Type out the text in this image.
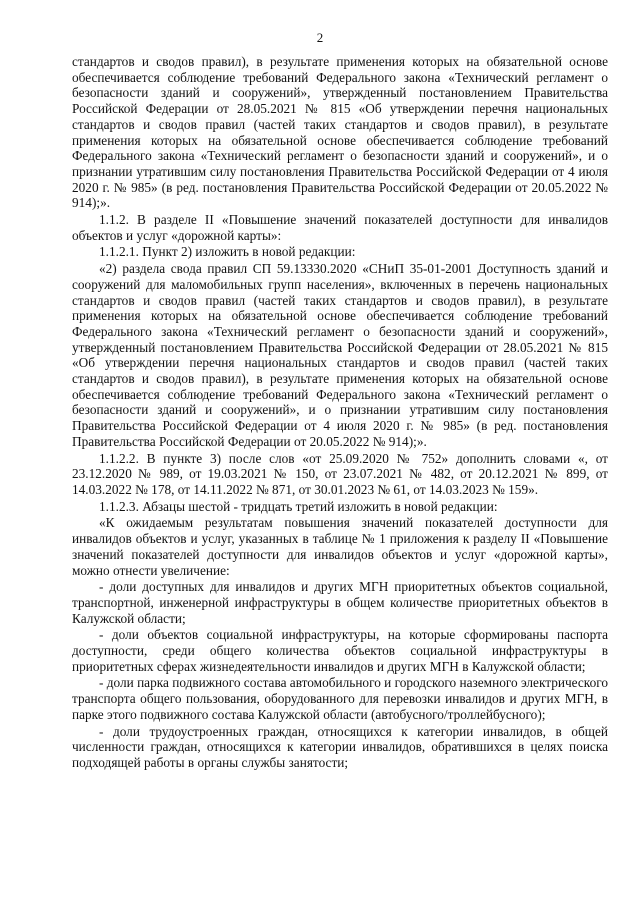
2

стандартов и сводов правил), в результате применения которых на обязательной основе обеспечивается соблюдение требований Федерального закона «Технический регламент о безопасности зданий и сооружений», утвержденный постановлением Правительства Российской Федерации от 28.05.2021 № 815 «Об утверждении перечня национальных стандартов и сводов правил (частей таких стандартов и сводов правил), в результате применения которых на обязательной основе обеспечивается соблюдение требований Федерального закона «Технический регламент о безопасности зданий и сооружений», и о признании утратившим силу постановления Правительства Российской Федерации от 4 июля 2020 г. № 985» (в ред. постановления Правительства Российской Федерации от 20.05.2022 № 914);».

1.1.2. В разделе II «Повышение значений показателей доступности для инвалидов объектов и услуг «дорожной карты»:

1.1.2.1. Пункт 2) изложить в новой редакции:

«2) раздела свода правил СП 59.13330.2020 «СНиП 35-01-2001 Доступность зданий и сооружений для маломобильных групп населения», включенных в перечень национальных стандартов и сводов правил (частей таких стандартов и сводов правил), в результате применения которых на обязательной основе обеспечивается соблюдение требований Федерального закона «Технический регламент о безопасности зданий и сооружений», утвержденный постановлением Правительства Российской Федерации от 28.05.2021 № 815 «Об утверждении перечня национальных стандартов и сводов правил (частей таких стандартов и сводов правил), в результате применения которых на обязательной основе обеспечивается соблюдение требований Федерального закона «Технический регламент о безопасности зданий и сооружений», и о признании утратившим силу постановления Правительства Российской Федерации от 4 июля 2020 г. № 985» (в ред. постановления Правительства Российской Федерации от 20.05.2022 № 914);».

1.1.2.2. В пункте 3) после слов «от 25.09.2020 № 752» дополнить словами «, от 23.12.2020 № 989, от 19.03.2021 № 150, от 23.07.2021 № 482, от 20.12.2021 № 899, от 14.03.2022 № 178, от 14.11.2022 № 871, от 30.01.2023 № 61, от 14.03.2023 № 159».

1.1.2.3. Абзацы шестой - тридцать третий изложить в новой редакции:

«К ожидаемым результатам повышения значений показателей доступности для инвалидов объектов и услуг, указанных в таблице № 1 приложения к разделу II «Повышение значений показателей доступности для инвалидов объектов и услуг «дорожной карты», можно отнести увеличение:

- доли доступных для инвалидов и других МГН приоритетных объектов социальной, транспортной, инженерной инфраструктуры в общем количестве приоритетных объектов в Калужской области;

- доли объектов социальной инфраструктуры, на которые сформированы паспорта доступности, среди общего количества объектов социальной инфраструктуры в приоритетных сферах жизнедеятельности инвалидов и других МГН в Калужской области;

- доли парка подвижного состава автомобильного и городского наземного электрического транспорта общего пользования, оборудованного для перевозки инвалидов и других МГН, в парке этого подвижного состава Калужской области (автобусного/троллейбусного);

- доли трудоустроенных граждан, относящихся к категории инвалидов, в общей численности граждан, относящихся к категории инвалидов, обратившихся в целях поиска подходящей работы в органы службы занятости;
